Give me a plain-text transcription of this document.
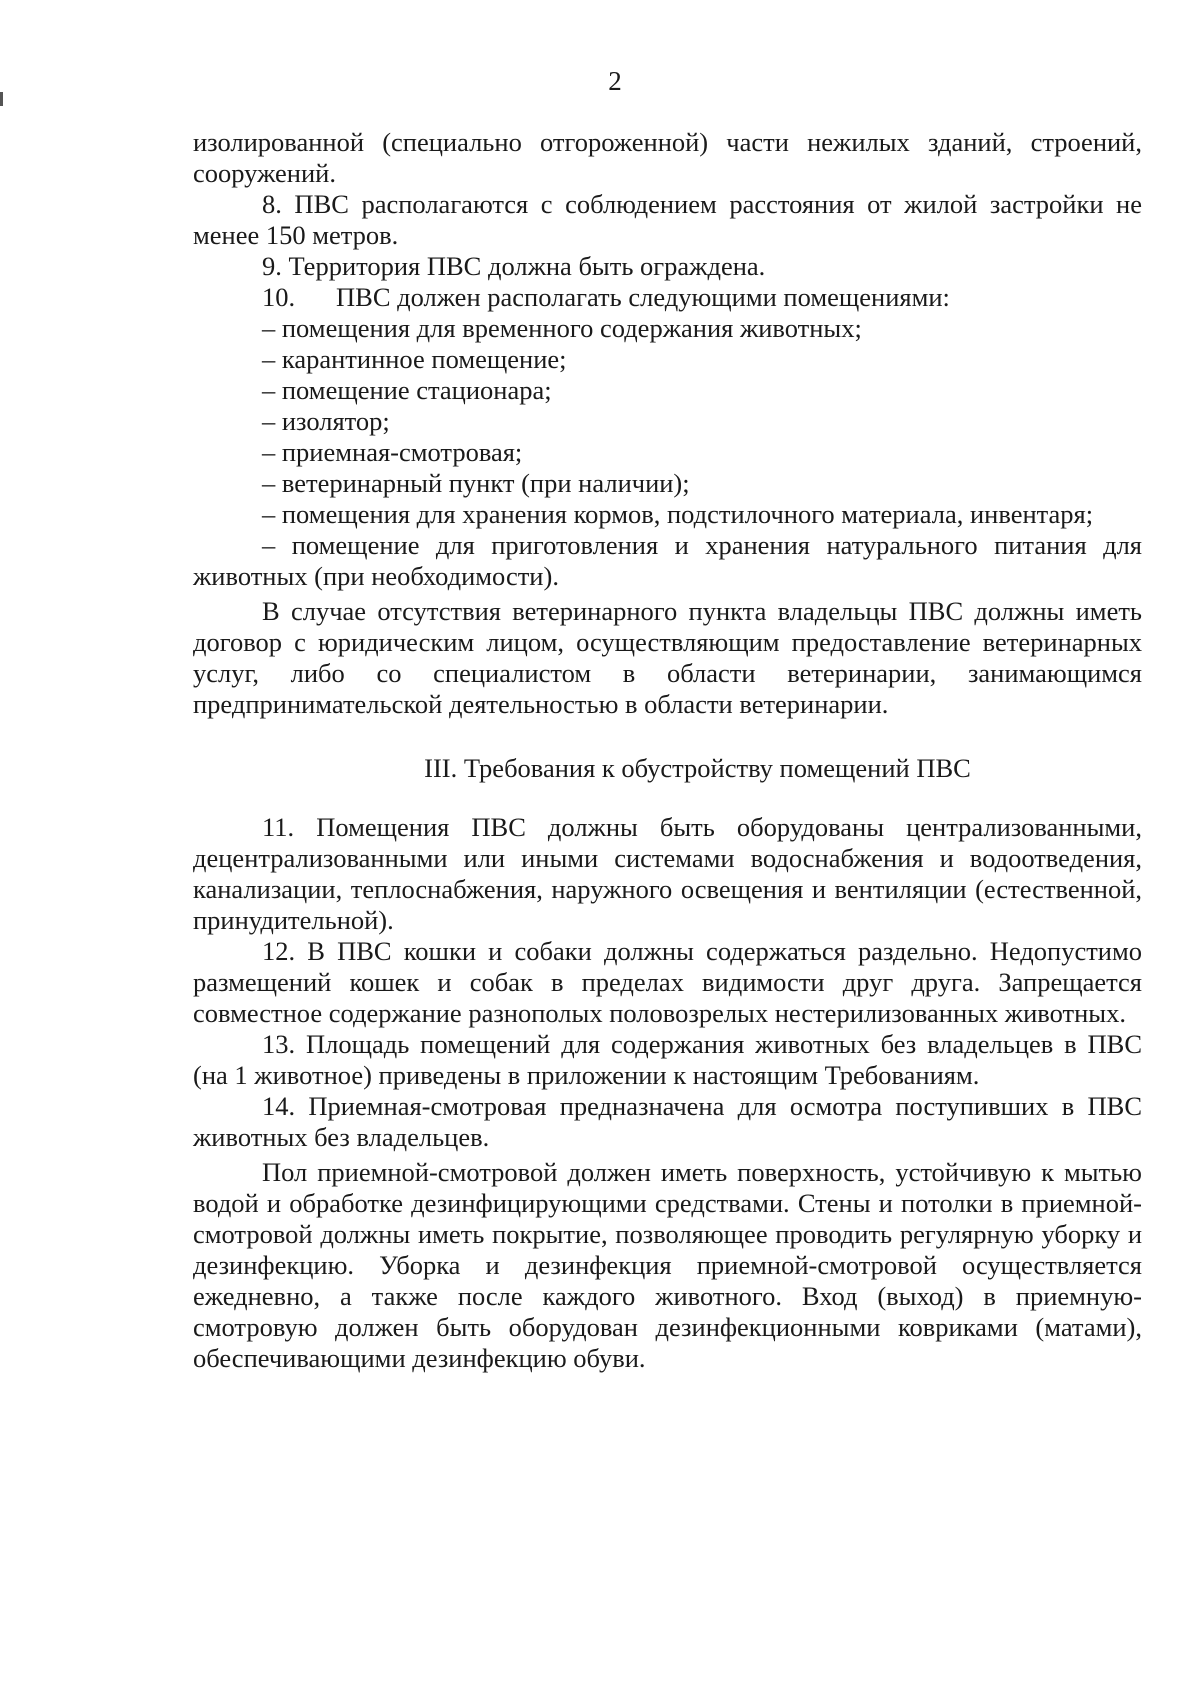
2

изолированной (специально отгороженной) части нежилых зданий, строений, сооружений.

8. ПВС располагаются с соблюдением расстояния от жилой застройки не менее 150 метров.

9. Территория ПВС должна быть ограждена.

10. ПВС должен располагать следующими помещениями:

– помещения для временного содержания животных;

– карантинное помещение;

– помещение стационара;

– изолятор;

– приемная-смотровая;

– ветеринарный пункт (при наличии);

– помещения для хранения кормов, подстилочного материала, инвентаря;

– помещение для приготовления и хранения натурального питания для животных (при необходимости).

В случае отсутствия ветеринарного пункта владельцы ПВС должны иметь договор с юридическим лицом, осуществляющим предоставление ветеринарных услуг, либо со специалистом в области ветеринарии, занимающимся предпринимательской деятельностью в области ветеринарии.

III. Требования к обустройству помещений ПВС

11. Помещения ПВС должны быть оборудованы централизованными, децентрализованными или иными системами водоснабжения и водоотведения, канализации, теплоснабжения, наружного освещения и вентиляции (естественной, принудительной).

12. В ПВС кошки и собаки должны содержаться раздельно. Недопустимо размещений кошек и собак в пределах видимости друг друга. Запрещается совместное содержание разнополых половозрелых нестерилизованных животных.

13. Площадь помещений для содержания животных без владельцев в ПВС (на 1 животное) приведены в приложении к настоящим Требованиям.

14. Приемная-смотровая предназначена для осмотра поступивших в ПВС животных без владельцев.

Пол приемной-смотровой должен иметь поверхность, устойчивую к мытью водой и обработке дезинфицирующими средствами. Стены и потолки в приемной-смотровой должны иметь покрытие, позволяющее проводить регулярную уборку и дезинфекцию. Уборка и дезинфекция приемной-смотровой осуществляется ежедневно, а также после каждого животного. Вход (выход) в приемную-смотровую должен быть оборудован дезинфекционными ковриками (матами), обеспечивающими дезинфекцию обуви.
